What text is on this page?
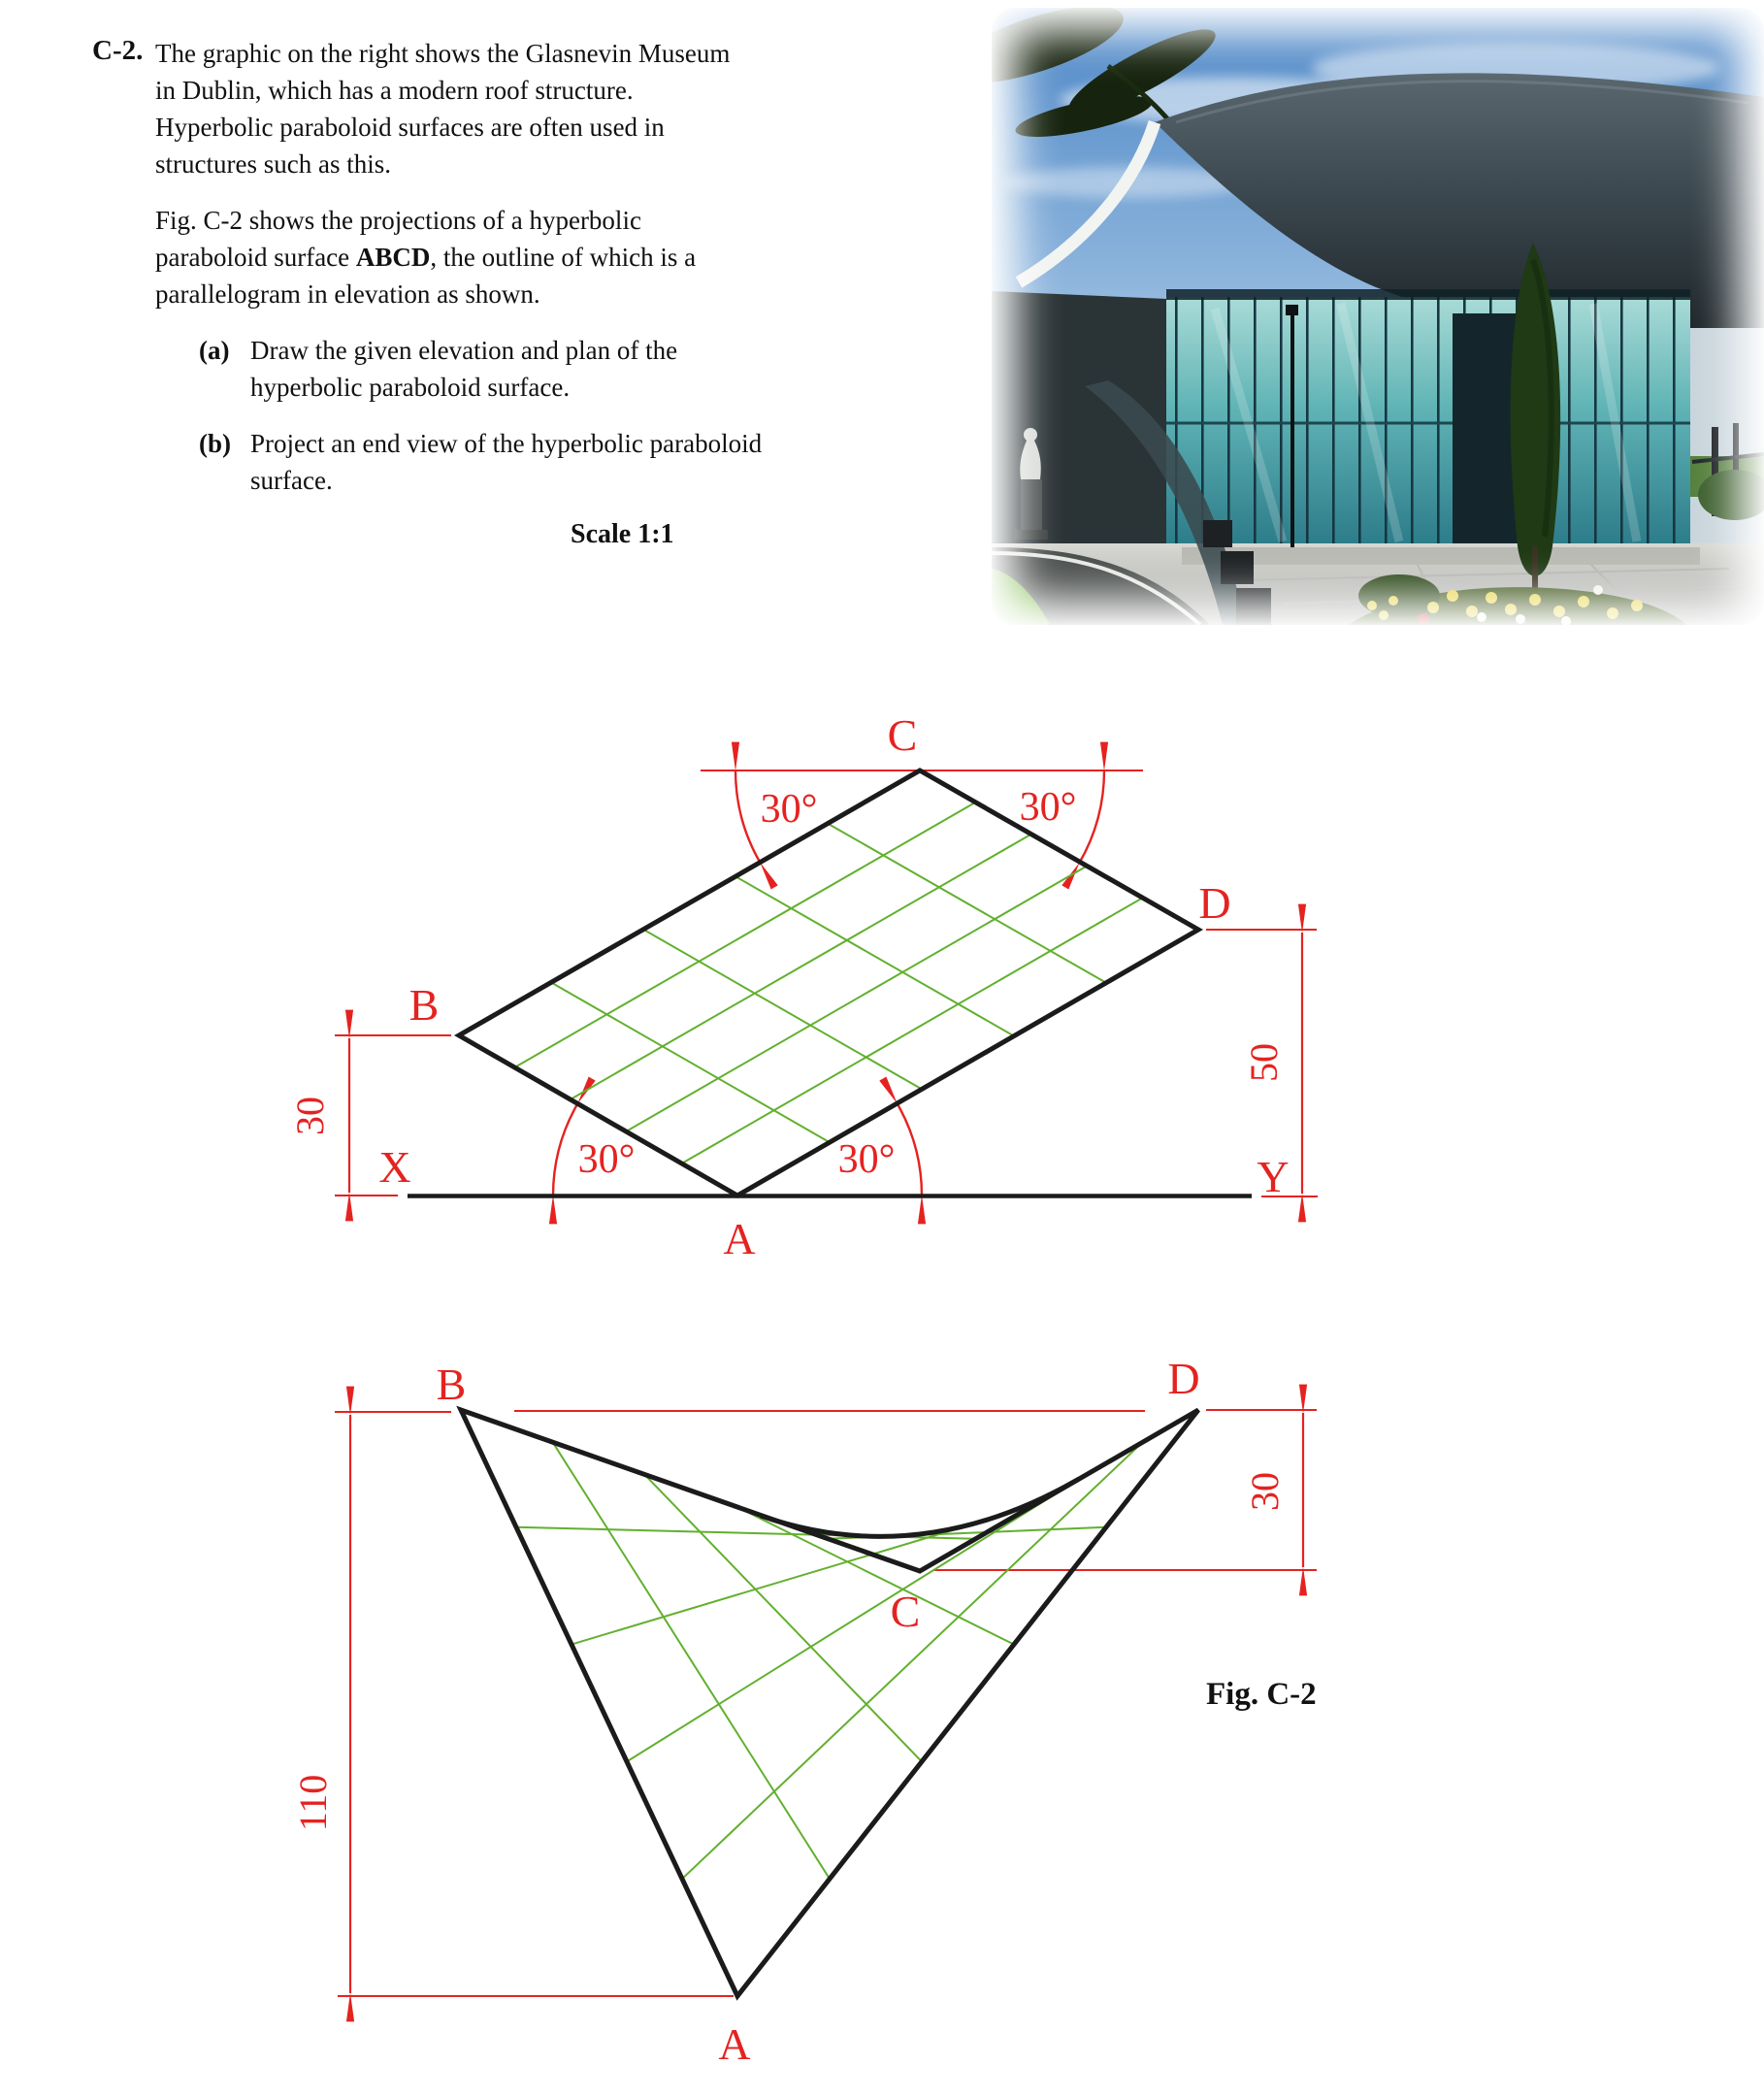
C-2. The graphic on the right shows the Glasnevin Museum
in Dublin, which has a modern roof structure.
Hyperbolic paraboloid surfaces are often used in
structures such as this.
Fig. C-2 shows the projections of a hyperbolic
paraboloid surface ABCD, the outline of which is a
parallelogram in elevation as shown.
(a) Draw the given elevation and plan of the
hyperbolic paraboloid surface.
(b) Project an end view of the hyperbolic paraboloid
surface.
Scale 1:1
C
D
B
A
X	Y
30°	30°
30°	30°
30
50
B	D
C
A
110
30
Fig. C-2
